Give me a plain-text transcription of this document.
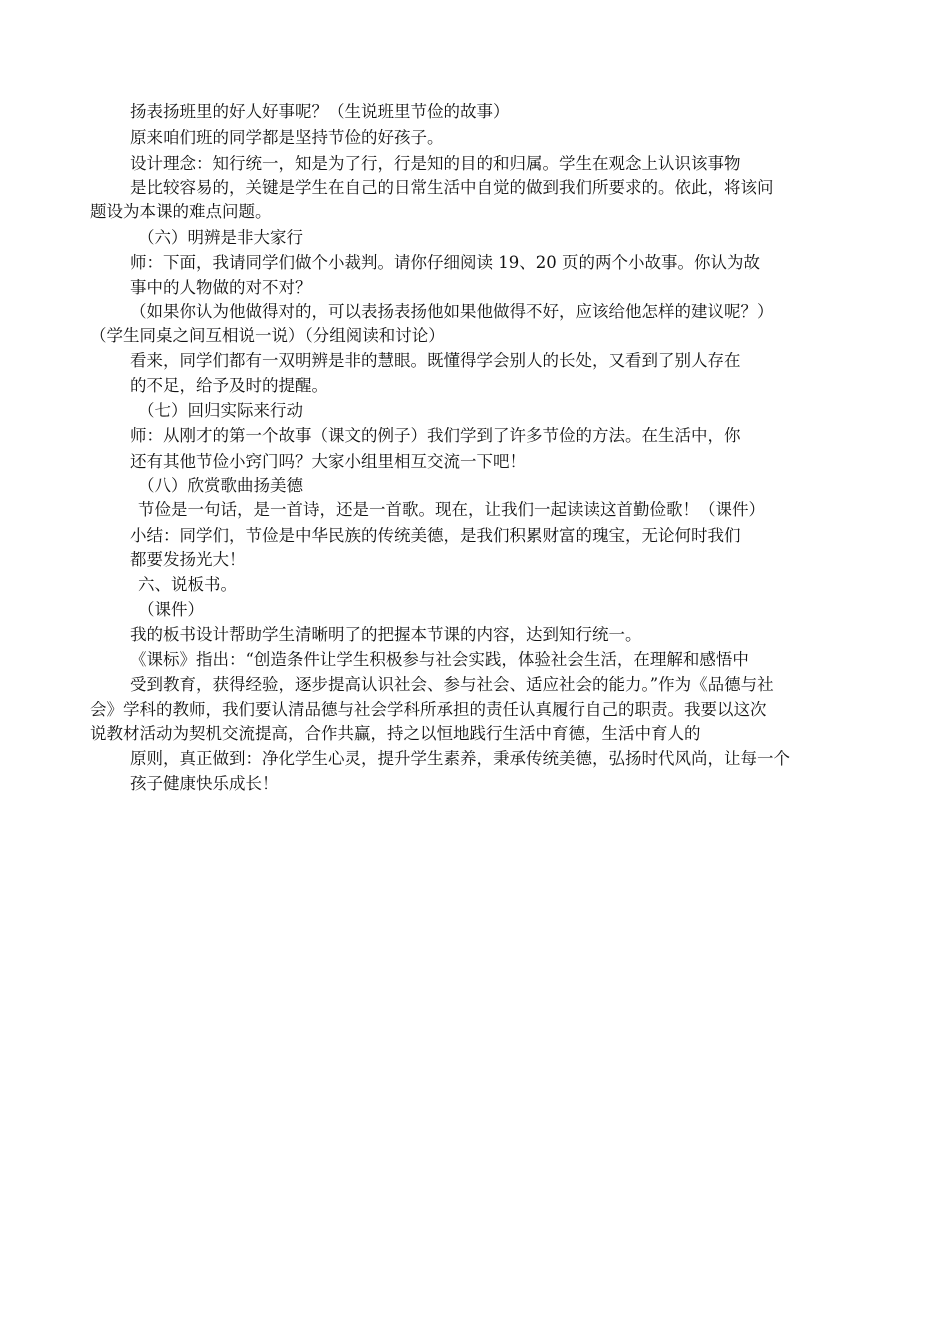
扬表扬班里的好人好事呢？（生说班里节俭的故事）
原来咱们班的同学都是坚持节俭的好孩子。
设计理念：知行统一，知是为了行，行是知的目的和归属。学生在观念上认识该事物
是比较容易的，关键是学生在自己的日常生活中自觉的做到我们所要求的。依此，将该问
题设为本课的难点问题。
（六）明辨是非大家行
师：下面，我请同学们做个小裁判。请你仔细阅读 19、20 页的两个小故事。你认为故
事中的人物做的对不对？
（如果你认为他做得对的，可以表扬表扬他如果他做得不好，应该给他怎样的建议呢？）
（学生同桌之间互相说一说）（分组阅读和讨论）
看来，同学们都有一双明辨是非的慧眼。既懂得学会别人的长处，又看到了别人存在
的不足，给予及时的提醒。
（七）回归实际来行动
师：从刚才的第一个故事（课文的例子）我们学到了许多节俭的方法。在生活中，你
还有其他节俭小窍门吗？大家小组里相互交流一下吧！
（八）欣赏歌曲扬美德
节俭是一句话，是一首诗，还是一首歌。现在，让我们一起读读这首勤俭歌！（课件）
小结：同学们，节俭是中华民族的传统美德，是我们积累财富的瑰宝，无论何时我们
都要发扬光大！
六、说板书。
（课件）
我的板书设计帮助学生清晰明了的把握本节课的内容，达到知行统一。
《课标》指出：“创造条件让学生积极参与社会实践，体验社会生活，在理解和感悟中
受到教育，获得经验，逐步提高认识社会、参与社会、适应社会的能力。”作为《品德与社
会》学科的教师，我们要认清品德与社会学科所承担的责任认真履行自己的职责。我要以这次
说教材活动为契机交流提高，合作共赢，持之以恒地践行生活中育德，生活中育人的
原则，真正做到：净化学生心灵，提升学生素养，秉承传统美德，弘扬时代风尚，让每一个
孩子健康快乐成长！
